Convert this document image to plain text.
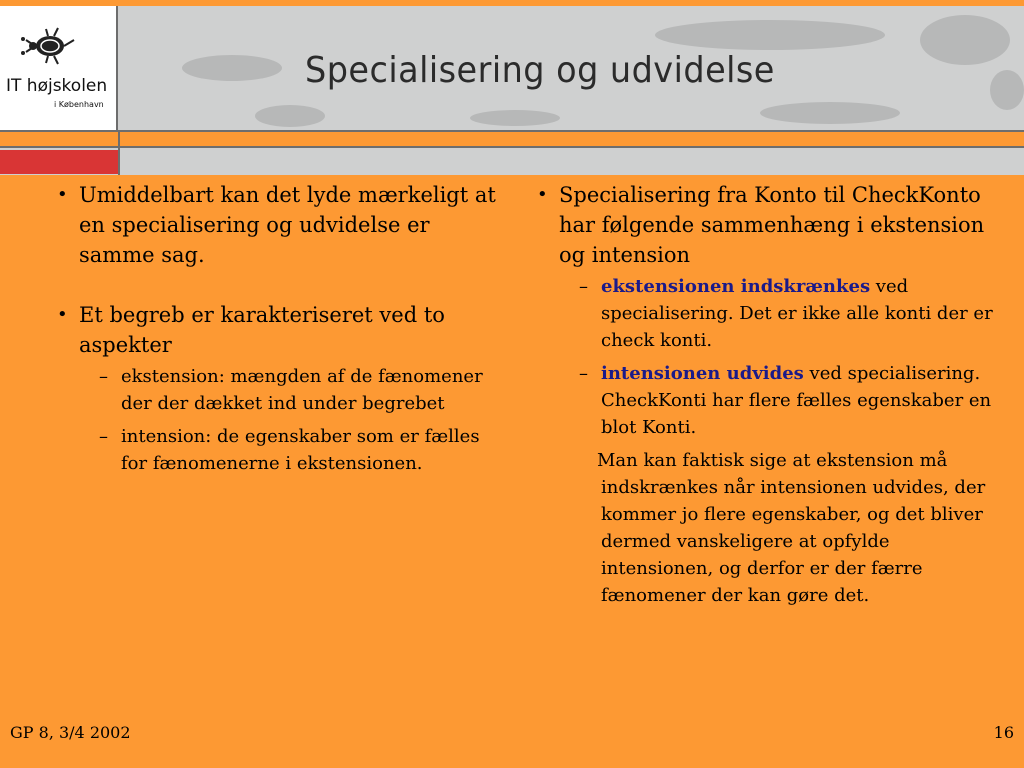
Specialisering og udvidelse
IT højskolen
i København
• Umiddelbart kan det lyde mærkeligt at en specialisering og udvidelse er samme sag.
• Et begreb er karakteriseret ved to aspekter
– ekstension: mængden af de fænomener der der dækket ind under begrebet
– intension: de egenskaber som er fælles for fænomenerne i ekstensionen.
• Specialisering fra Konto til CheckKonto har følgende sammenhæng i ekstension og intension
– ekstensionen indskrænkes ved specialisering. Det er ikke alle konti der er check konti.
– intensionen udvides ved specialisering. CheckKonti har flere fælles egenskaber en blot Konti.

Man kan faktisk sige at ekstension må indskrænkes når intensionen udvides, der kommer jo flere egenskaber, og det bliver dermed vanskeligere at opfylde intensionen, og derfor er der færre fænomener der kan gøre det.

GP 8, 3/4 2002	16
